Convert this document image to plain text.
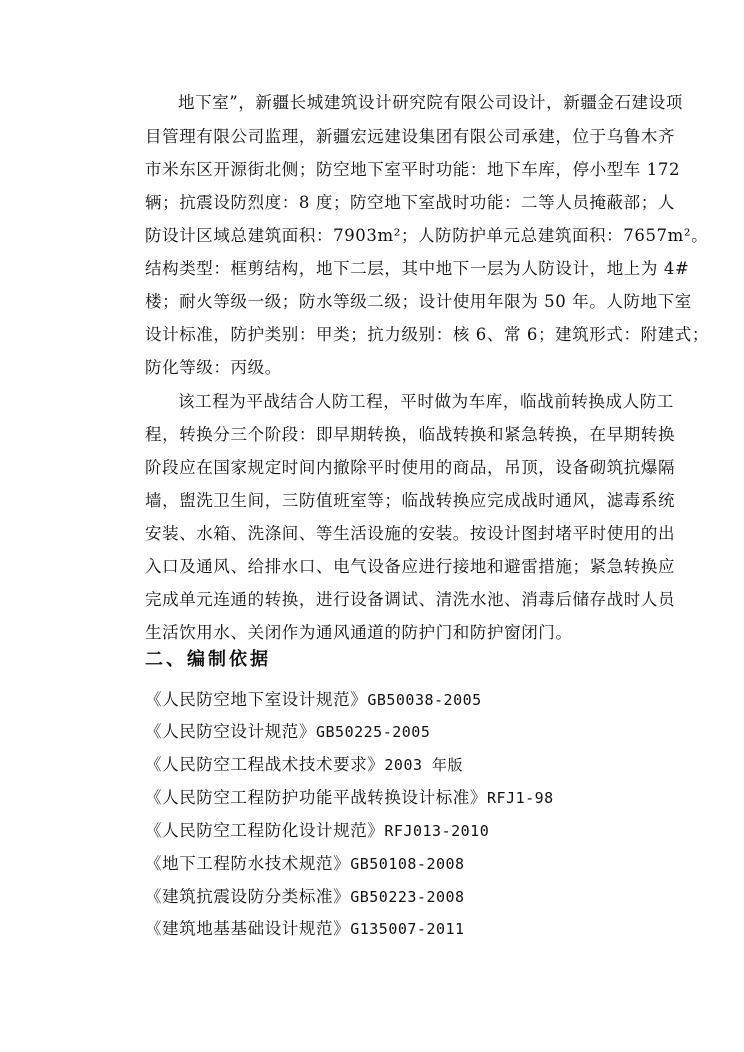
地下室”，新疆长城建筑设计研究院有限公司设计，新疆金石建设项
目管理有限公司监理，新疆宏远建设集团有限公司承建，位于乌鲁木齐
市米东区开源街北侧；防空地下室平时功能：地下车库，停小型车 172
辆；抗震设防烈度：8 度；防空地下室战时功能：二等人员掩蔽部；人
防设计区域总建筑面积：7903m²；人防防护单元总建筑面积：7657m²。
结构类型：框剪结构，地下二层，其中地下一层为人防设计，地上为 4#
楼；耐火等级一级；防水等级二级；设计使用年限为 50 年。人防地下室
设计标准，防护类别：甲类；抗力级别：核 6、常 6；建筑形式：附建式；
防化等级：丙级。
该工程为平战结合人防工程，平时做为车库，临战前转换成人防工
程，转换分三个阶段：即早期转换，临战转换和紧急转换，在早期转换
阶段应在国家规定时间内撤除平时使用的商品，吊顶，设备砌筑抗爆隔
墙，盥洗卫生间，三防值班室等；临战转换应完成战时通风，滤毒系统
安装、水箱、洗涤间、等生活设施的安装。按设计图封堵平时使用的出
入口及通风、给排水口、电气设备应进行接地和避雷措施；紧急转换应
完成单元连通的转换，进行设备调试、清洗水池、消毒后储存战时人员
生活饮用水、关闭作为通风通道的防护门和防护窗闭门。
二、编制依据
《人民防空地下室设计规范》GB50038-2005
《人民防空设计规范》GB50225-2005
《人民防空工程战术技术要求》2003 年版
《人民防空工程防护功能平战转换设计标准》RFJ1-98
《人民防空工程防化设计规范》RFJ013-2010
《地下工程防水技术规范》GB50108-2008
《建筑抗震设防分类标准》GB50223-2008
《建筑地基基础设计规范》G135007-2011
